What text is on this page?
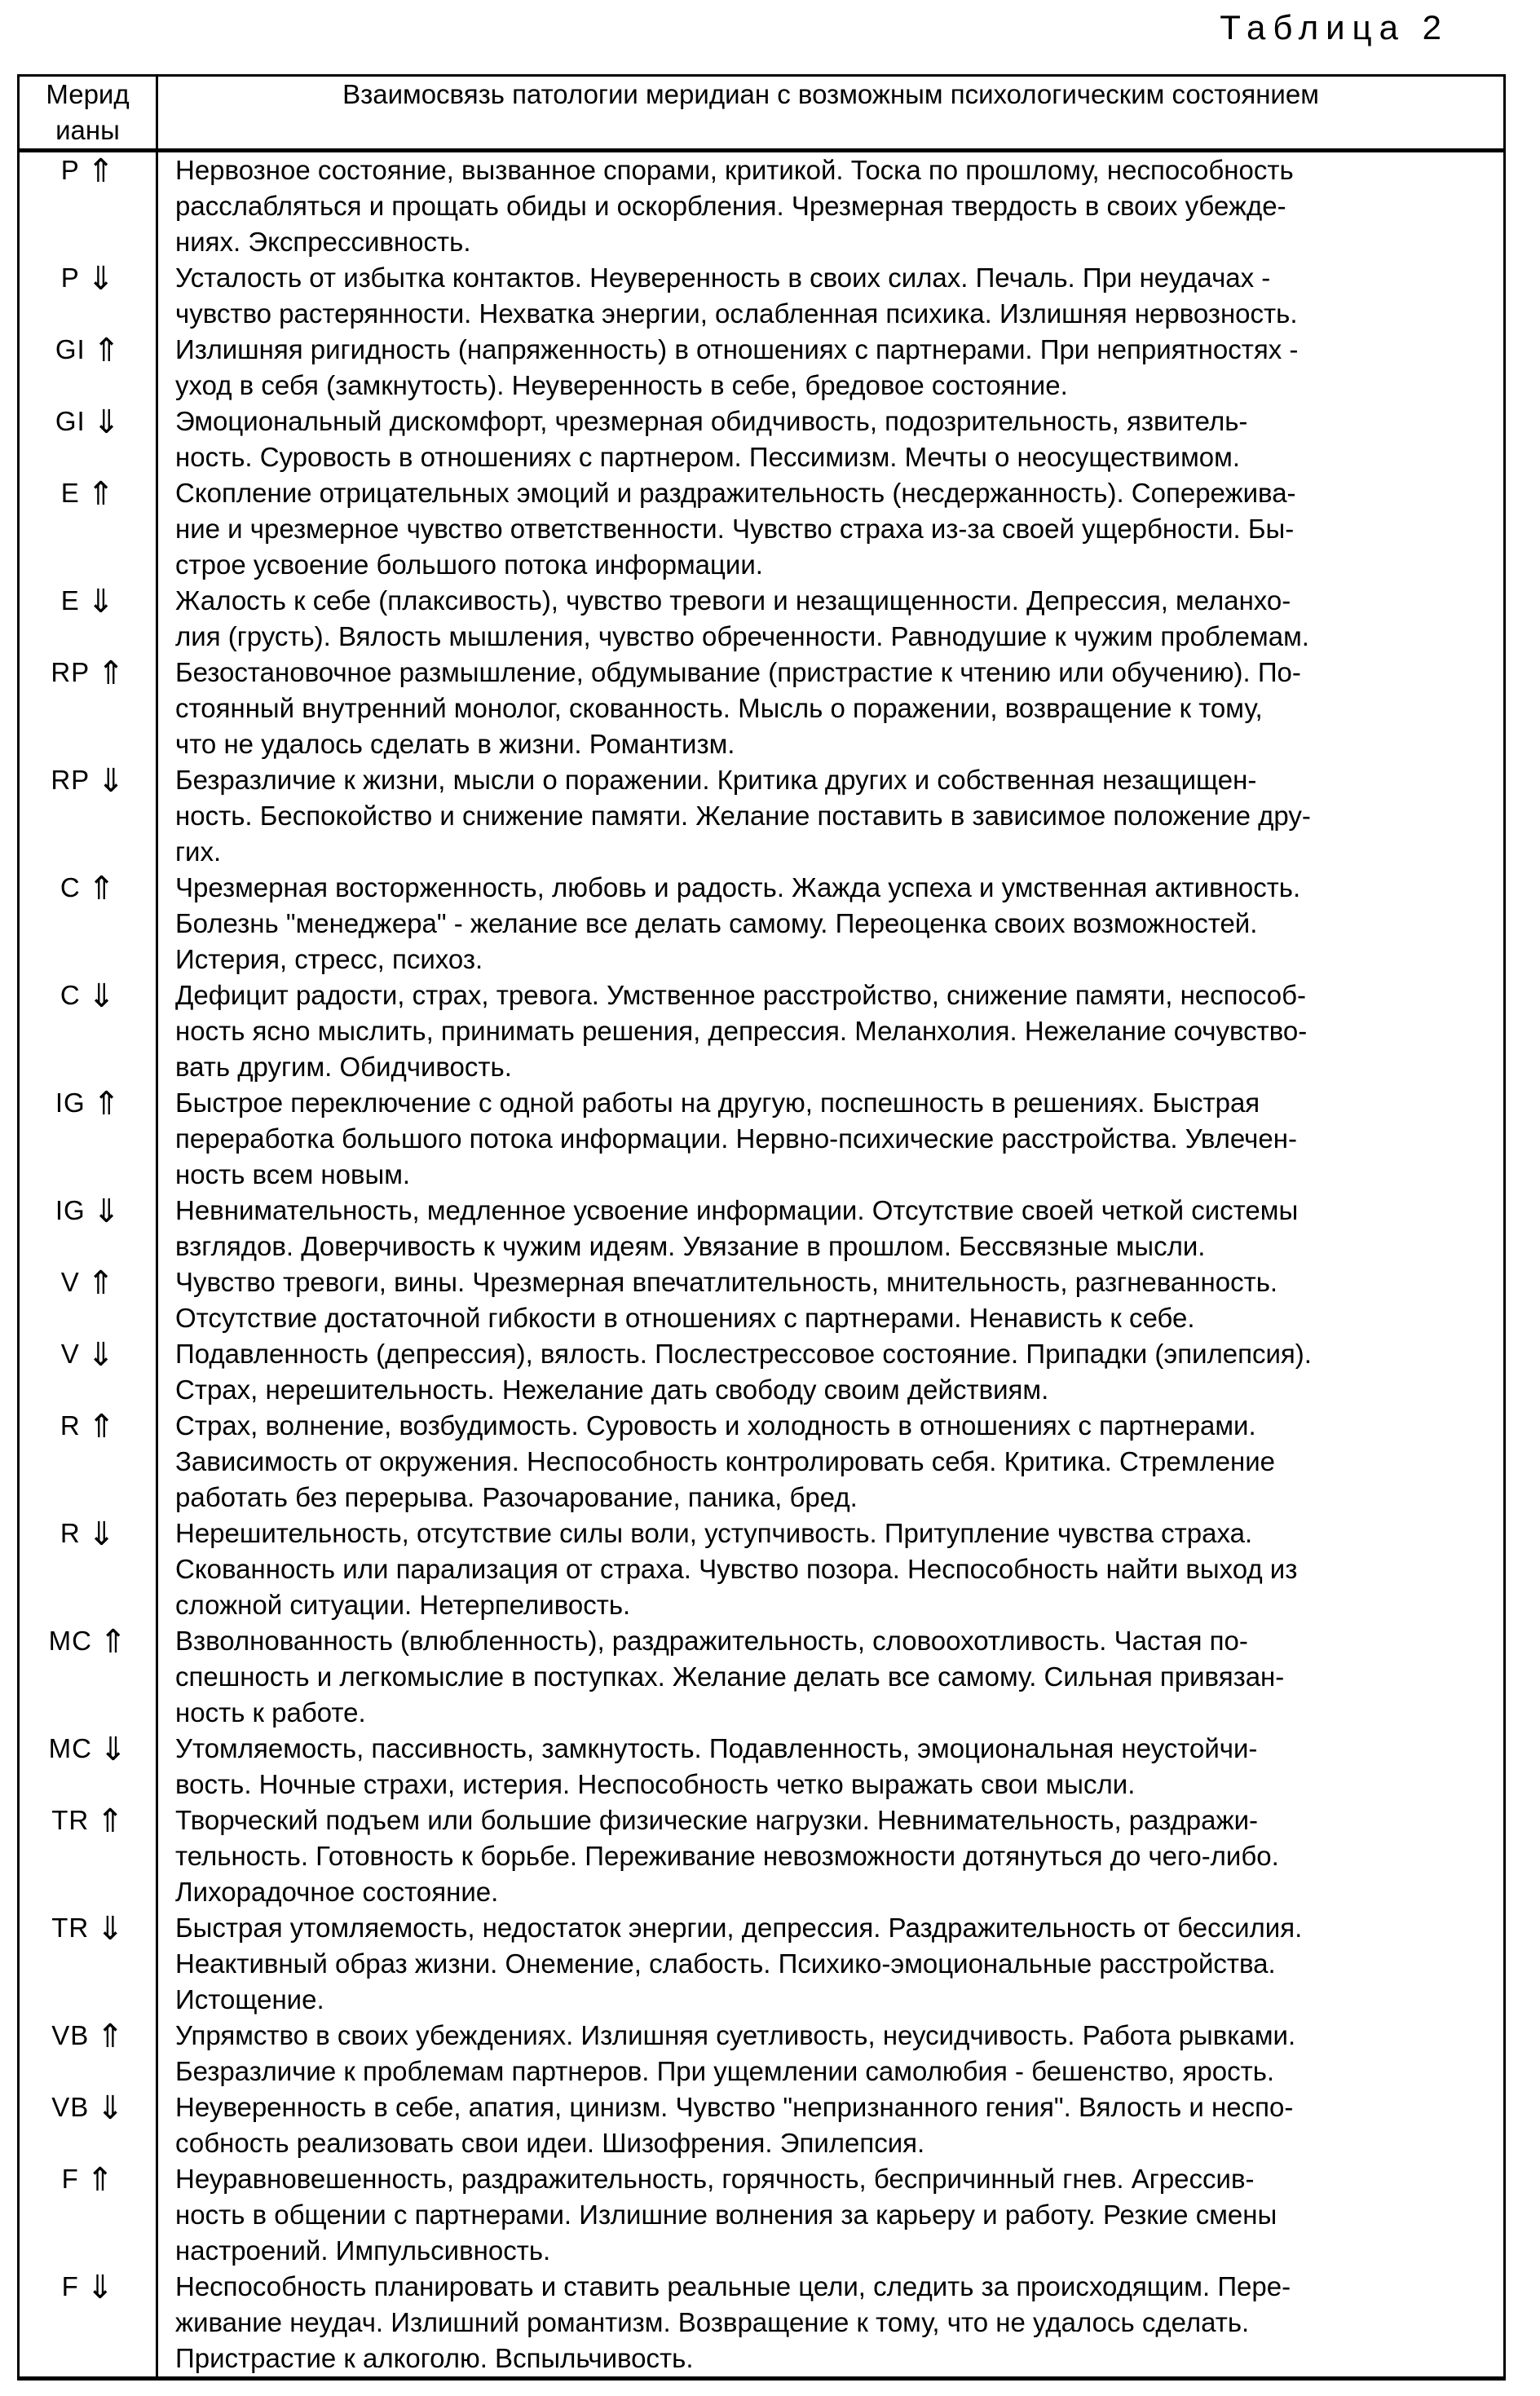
Таблица 2
Мерид
ианы	Взаимосвязь патологии меридиан с возможным психологическим состоянием
P ⇑	Нервозное состояние, вызванное спорами, критикой. Тоска по прошлому, неспособность
расслабляться и прощать обиды и оскорбления. Чрезмерная твердость в своих убежде-
ниях. Экспрессивность.
P ⇓	Усталость от избытка контактов. Неуверенность в своих силах. Печаль. При неудачах -
чувство растерянности. Нехватка энергии, ослабленная психика. Излишняя нервозность.
GI ⇑	Излишняя ригидность (напряженность) в отношениях с партнерами. При неприятностях -
уход в себя (замкнутость). Неуверенность в себе, бредовое состояние.
GI ⇓	Эмоциональный дискомфорт, чрезмерная обидчивость, подозрительность, язвитель-
ность. Суровость в отношениях с партнером. Пессимизм. Мечты о неосуществимом.
E ⇑	Скопление отрицательных эмоций и раздражительность (несдержанность). Сопережива-
ние и чрезмерное чувство ответственности. Чувство страха из-за своей ущербности. Бы-
строе усвоение большого потока информации.
E ⇓	Жалость к себе (плаксивость), чувство тревоги и незащищенности. Депрессия, меланхо-
лия (грусть). Вялость мышления, чувство обреченности. Равнодушие к чужим проблемам.
RP ⇑	Безостановочное размышление, обдумывание (пристрастие к чтению или обучению). По-
стоянный внутренний монолог, скованность. Мысль о поражении, возвращение к тому,
что не удалось сделать в жизни. Романтизм.
RP ⇓	Безразличие к жизни, мысли о поражении. Критика других и собственная незащищен-
ность. Беспокойство и снижение памяти. Желание поставить в зависимое положение дру-
гих.
C ⇑	Чрезмерная восторженность, любовь и радость. Жажда успеха и умственная активность.
Болезнь "менеджера" - желание все делать самому. Переоценка своих возможностей.
Истерия, стресс, психоз.
C ⇓	Дефицит радости, страх, тревога. Умственное расстройство, снижение памяти, неспособ-
ность ясно мыслить, принимать решения, депрессия. Меланхолия. Нежелание сочувство-
вать другим. Обидчивость.
IG ⇑	Быстрое переключение с одной работы на другую, поспешность в решениях. Быстрая
переработка большого потока информации. Нервно-психические расстройства. Увлечен-
ность всем новым.
IG ⇓	Невнимательность, медленное усвоение информации. Отсутствие своей четкой системы
взглядов. Доверчивость к чужим идеям. Увязание в прошлом. Бессвязные мысли.
V ⇑	Чувство тревоги, вины. Чрезмерная впечатлительность, мнительность, разгневанность.
Отсутствие достаточной гибкости в отношениях с партнерами. Ненависть к себе.
V ⇓	Подавленность (депрессия), вялость. Послестрессовое состояние. Припадки (эпилепсия).
Страх, нерешительность. Нежелание дать свободу своим действиям.
R ⇑	Страх, волнение, возбудимость. Суровость и холодность в отношениях с партнерами.
Зависимость от окружения. Неспособность контролировать себя. Критика. Стремление
работать без перерыва. Разочарование, паника, бред.
R ⇓	Нерешительность, отсутствие силы воли, уступчивость. Притупление чувства страха.
Скованность или парализация от страха. Чувство позора. Неспособность найти выход из
сложной ситуации. Нетерпеливость.
MC ⇑	Взволнованность (влюбленность), раздражительность, словоохотливость. Частая по-
спешность и легкомыслие в поступках. Желание делать все самому. Сильная привязан-
ность к работе.
MC ⇓	Утомляемость, пассивность, замкнутость. Подавленность, эмоциональная неустойчи-
вость. Ночные страхи, истерия. Неспособность четко выражать свои мысли.
TR ⇑	Творческий подъем или большие физические нагрузки. Невнимательность, раздражи-
тельность. Готовность к борьбе. Переживание невозможности дотянуться до чего-либо.
Лихорадочное состояние.
TR ⇓	Быстрая утомляемость, недостаток энергии, депрессия. Раздражительность от бессилия.
Неактивный образ жизни. Онемение, слабость. Психико-эмоциональные расстройства.
Истощение.
VB ⇑	Упрямство в своих убеждениях. Излишняя суетливость, неусидчивость. Работа рывками.
Безразличие к проблемам партнеров. При ущемлении самолюбия - бешенство, ярость.
VB ⇓	Неуверенность в себе, апатия, цинизм. Чувство "непризнанного гения". Вялость и неспо-
собность реализовать свои идеи. Шизофрения. Эпилепсия.
F ⇑	Неуравновешенность, раздражительность, горячность, беспричинный гнев. Агрессив-
ность в общении с партнерами. Излишние волнения за карьеру и работу. Резкие смены
настроений. Импульсивность.
F ⇓	Неспособность планировать и ставить реальные цели, следить за происходящим. Пере-
живание неудач. Излишний романтизм. Возвращение к тому, что не удалось сделать.
Пристрастие к алкоголю. Вспыльчивость.
